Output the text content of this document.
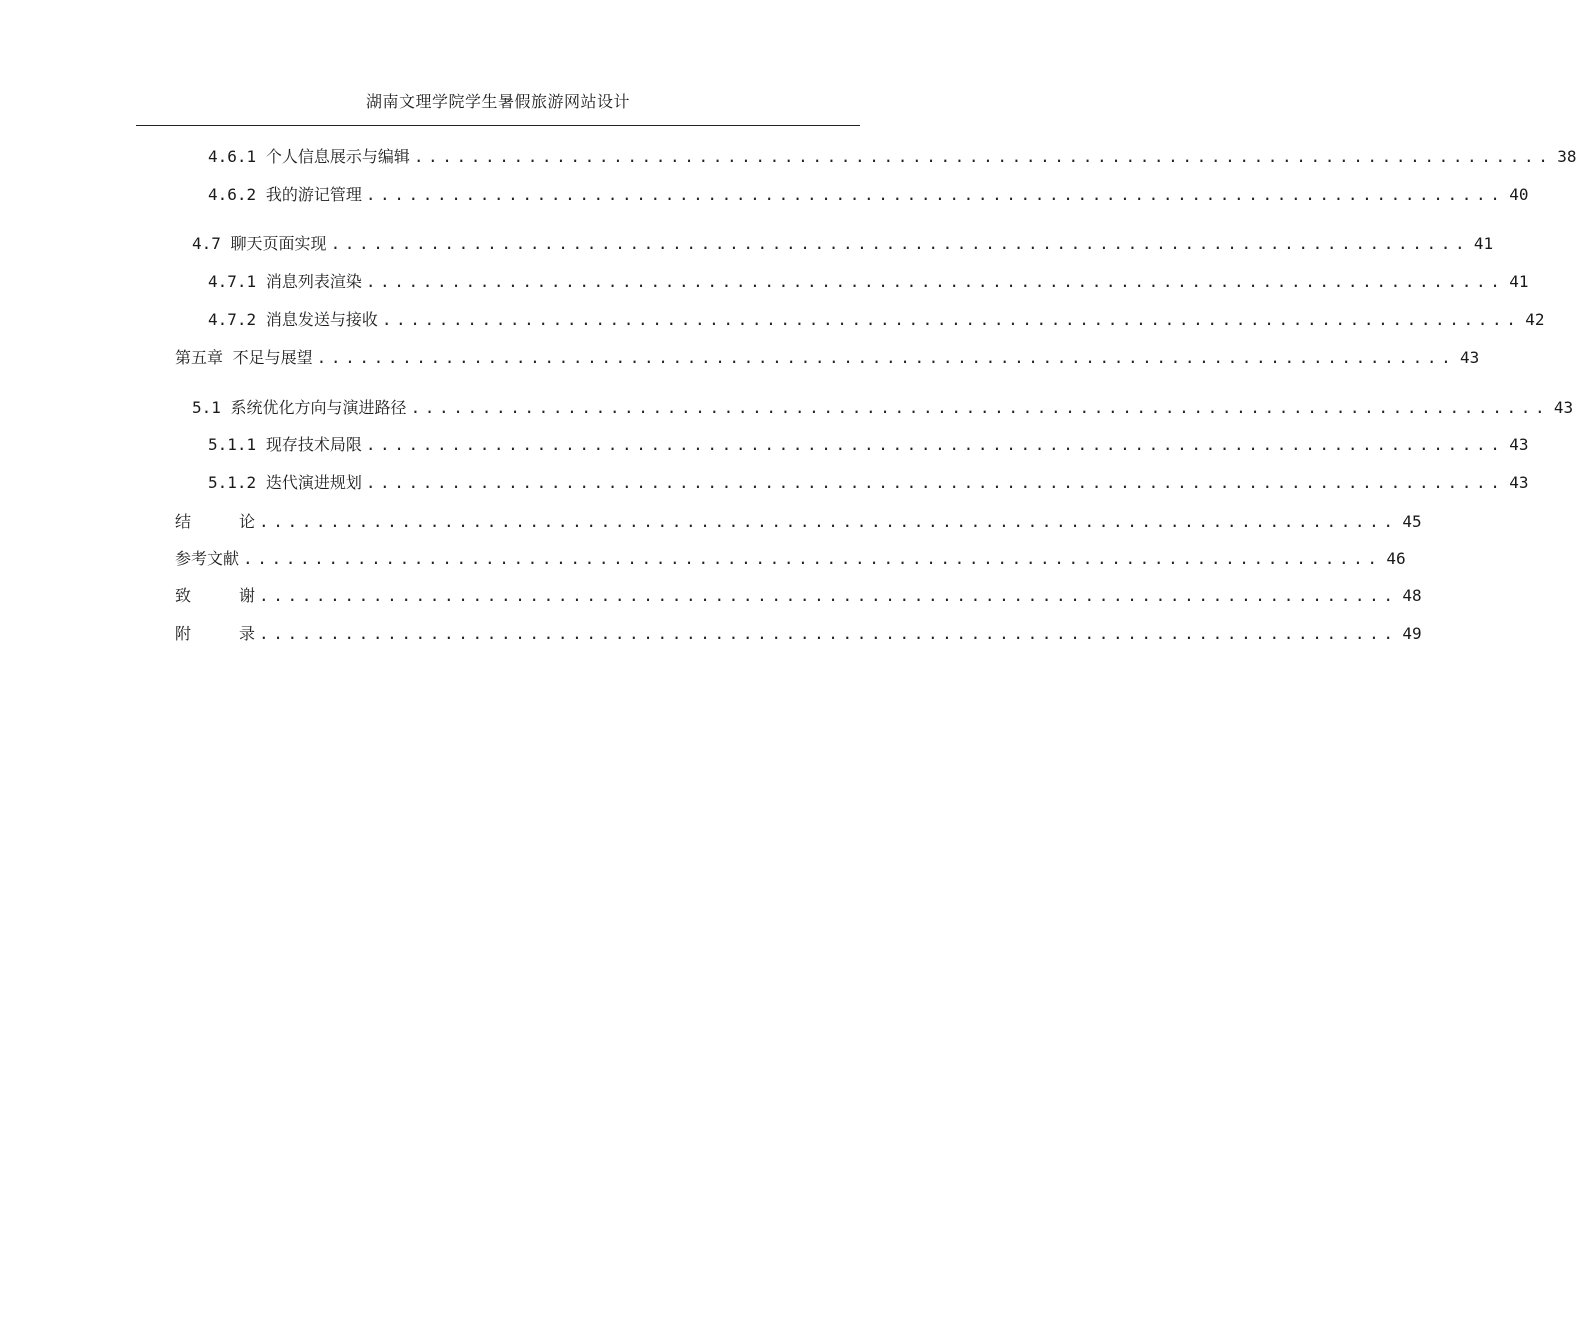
湖南文理学院学生暑假旅游网站设计
4.6.1 个人信息展示与编辑 ................................................................................ 38
4.6.2 我的游记管理 ................................................................................ 40
4.7 聊天页面实现 ................................................................................ 41
4.7.1 消息列表渲染 ................................................................................ 41
4.7.2 消息发送与接收 ................................................................................ 42
第五章 不足与展望 ................................................................................ 43
5.1 系统优化方向与演进路径 ................................................................................ 43
5.1.1 现存技术局限 ................................................................................ 43
5.1.2 迭代演进规划 ................................................................................ 43
结	论 ................................................................................ 45
参考文献 ................................................................................ 46
致	谢 ................................................................................ 48
附	录 ................................................................................ 49
